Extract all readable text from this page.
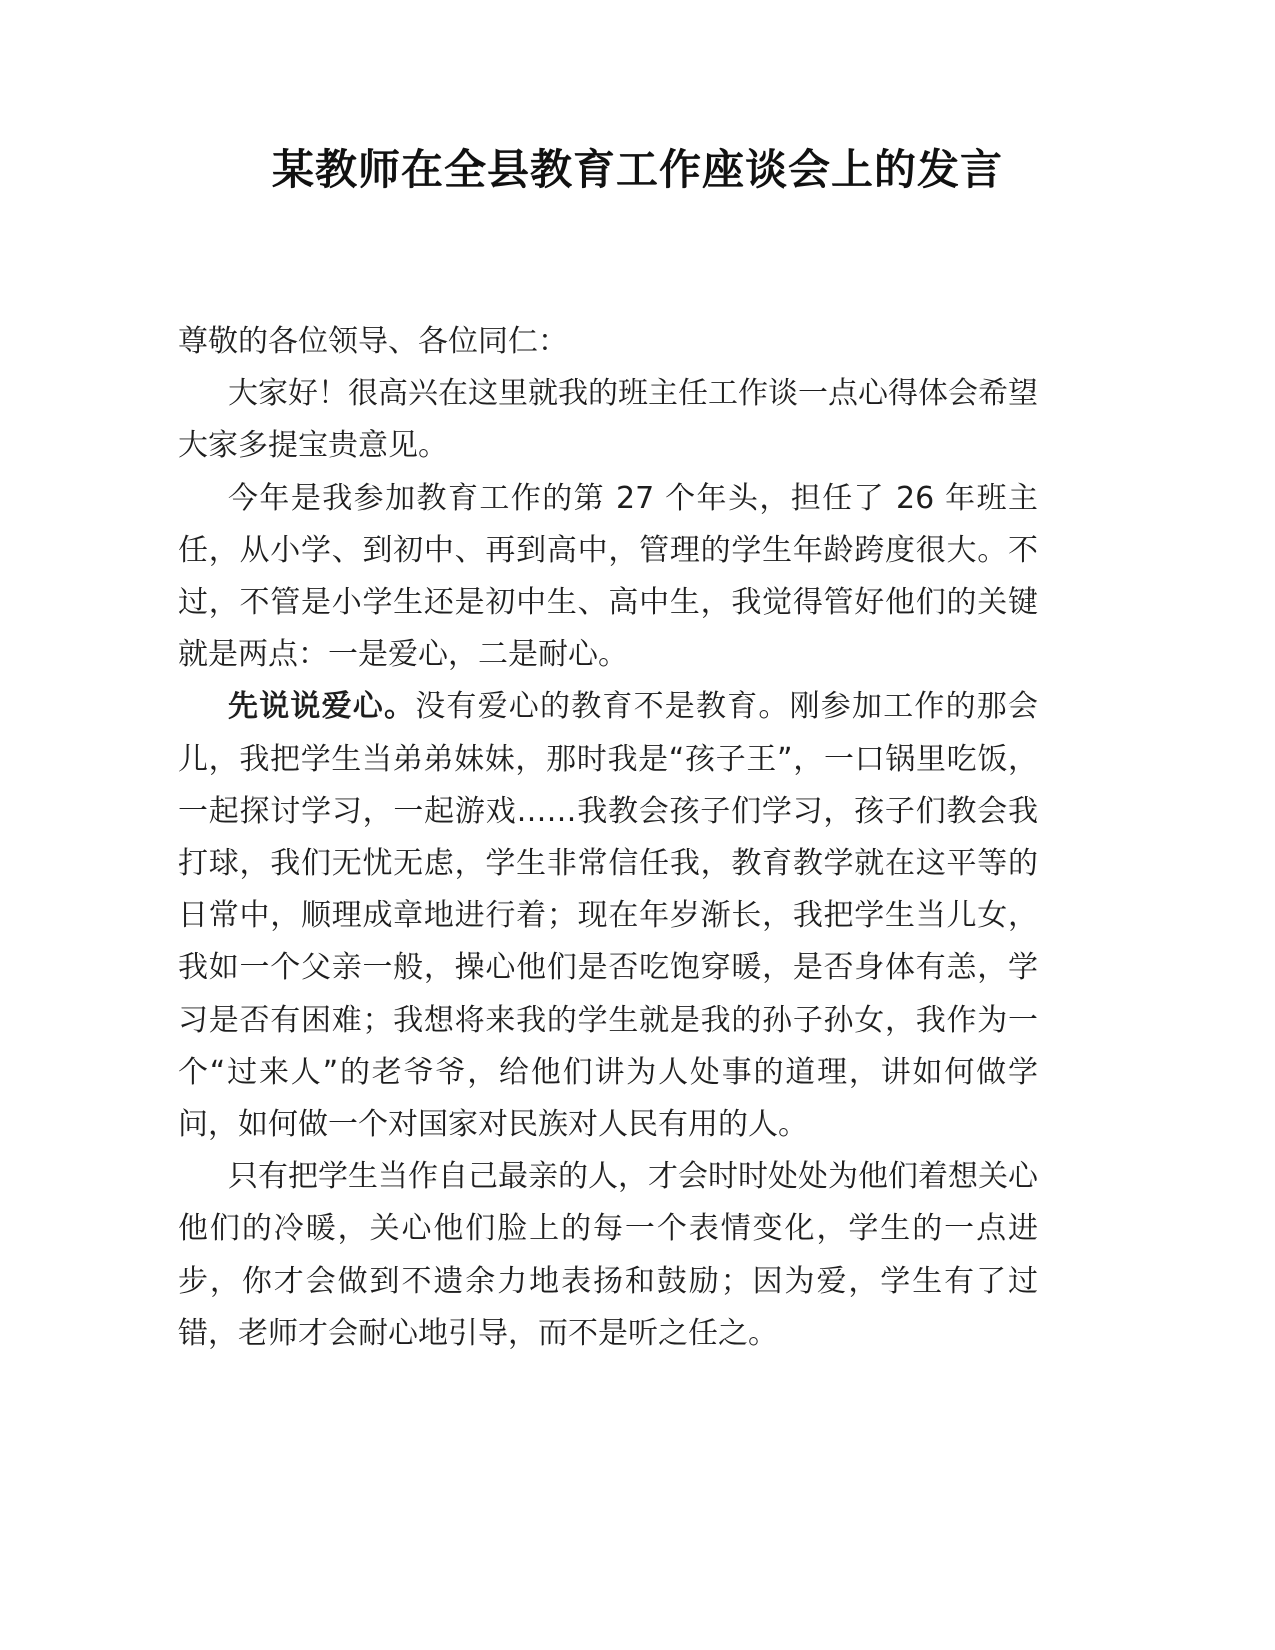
某教师在全县教育工作座谈会上的发言

尊敬的各位领导、各位同仁：

大家好！很高兴在这里就我的班主任工作谈一点心得体会希望大家多提宝贵意见。

今年是我参加教育工作的第 27 个年头，担任了 26 年班主任，从小学、到初中、再到高中，管理的学生年龄跨度很大。不过，不管是小学生还是初中生、高中生，我觉得管好他们的关键就是两点：一是爱心，二是耐心。

先说说爱心。没有爱心的教育不是教育。刚参加工作的那会儿，我把学生当弟弟妹妹，那时我是“孩子王”，一口锅里吃饭，一起探讨学习，一起游戏……我教会孩子们学习，孩子们教会我打球，我们无忧无虑，学生非常信任我，教育教学就在这平等的日常中，顺理成章地进行着；现在年岁渐长，我把学生当儿女，我如一个父亲一般，操心他们是否吃饱穿暖，是否身体有恙，学习是否有困难；我想将来我的学生就是我的孙子孙女，我作为一个“过来人”的老爷爷，给他们讲为人处事的道理，讲如何做学问，如何做一个对国家对民族对人民有用的人。

只有把学生当作自己最亲的人，才会时时处处为他们着想关心他们的冷暖，关心他们脸上的每一个表情变化，学生的一点进步，你才会做到不遗余力地表扬和鼓励；因为爱，学生有了过错，老师才会耐心地引导，而不是听之任之。
